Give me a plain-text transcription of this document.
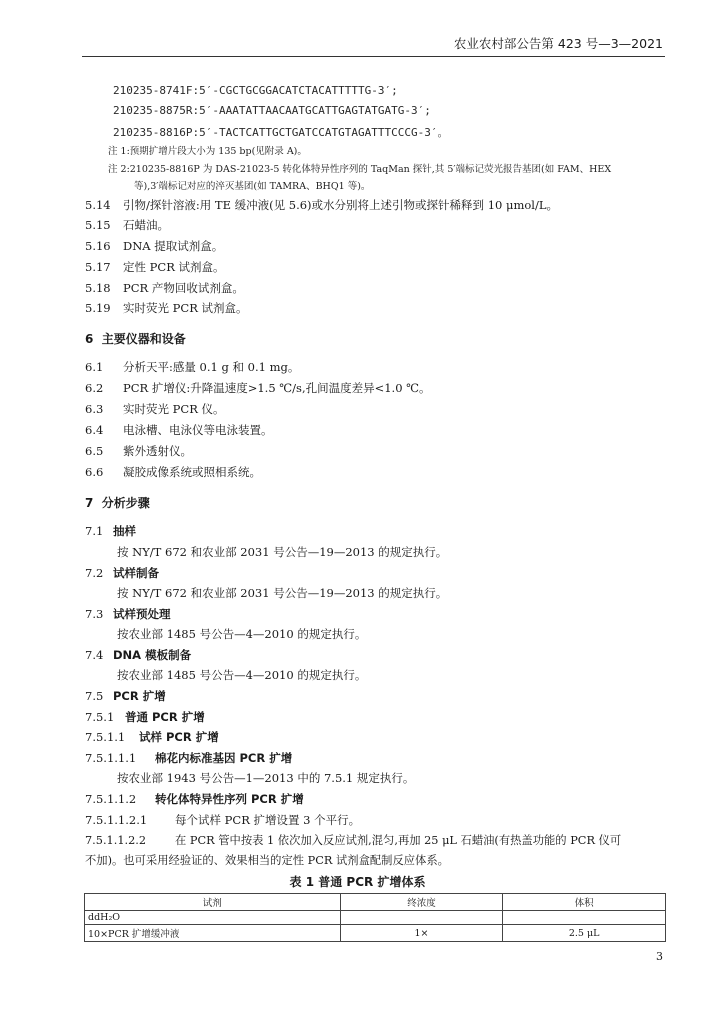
农业农村部公告第 423 号—3—2021
210235-8741F:5′-CGCTGCGGACATCTACATTTTTG-3′;
210235-8875R:5′-AAATATTAACAATGCATTGAGTATGATG-3′;
210235-8816P:5′-TACTCATTGCTGATCCATGTAGATTTCCCG-3′。
注 1:预期扩增片段大小为 135 bp(见附录 A)。
注 2:210235-8816P 为 DAS-21023-5 转化体特异性序列的 TaqMan 探针,其 5′端标记荧光报告基团(如 FAM、HEX
等),3′端标记对应的淬灭基团(如 TAMRA、BHQ1 等)。
5.14 引物/探针溶液:用 TE 缓冲液(见 5.6)或水分别将上述引物或探针稀释到 10 μmol/L。
5.15 石蜡油。
5.16 DNA 提取试剂盒。
5.17 定性 PCR 试剂盒。
5.18 PCR 产物回收试剂盒。
5.19 实时荧光 PCR 试剂盒。
6 主要仪器和设备
6.1 分析天平:感量 0.1 g 和 0.1 mg。
6.2 PCR 扩增仪:升降温速度>1.5 ℃/s,孔间温度差异<1.0 ℃。
6.3 实时荧光 PCR 仪。
6.4 电泳槽、电泳仪等电泳装置。
6.5 紫外透射仪。
6.6 凝胶成像系统或照相系统。
7 分析步骤
7.1 抽样
按 NY/T 672 和农业部 2031 号公告—19—2013 的规定执行。
7.2 试样制备
按 NY/T 672 和农业部 2031 号公告—19—2013 的规定执行。
7.3 试样预处理
按农业部 1485 号公告—4—2010 的规定执行。
7.4 DNA 模板制备
按农业部 1485 号公告—4—2010 的规定执行。
7.5 PCR 扩增
7.5.1 普通 PCR 扩增
7.5.1.1 试样 PCR 扩增
7.5.1.1.1 棉花内标准基因 PCR 扩增
按农业部 1943 号公告—1—2013 中的 7.5.1 规定执行。
7.5.1.1.2 转化体特异性序列 PCR 扩增
7.5.1.1.2.1 每个试样 PCR 扩增设置 3 个平行。
7.5.1.1.2.2	在 PCR 管中按表 1 依次加入反应试剂,混匀,再加 25 μL 石蜡油(有热盖功能的 PCR 仪可
不加)。也可采用经验证的、效果相当的定性 PCR 试剂盒配制反应体系。
表 1 普通 PCR 扩增体系
试剂	终浓度	体积
ddH₂O		
10×PCR 扩增缓冲液	1×	2.5 μL
3
